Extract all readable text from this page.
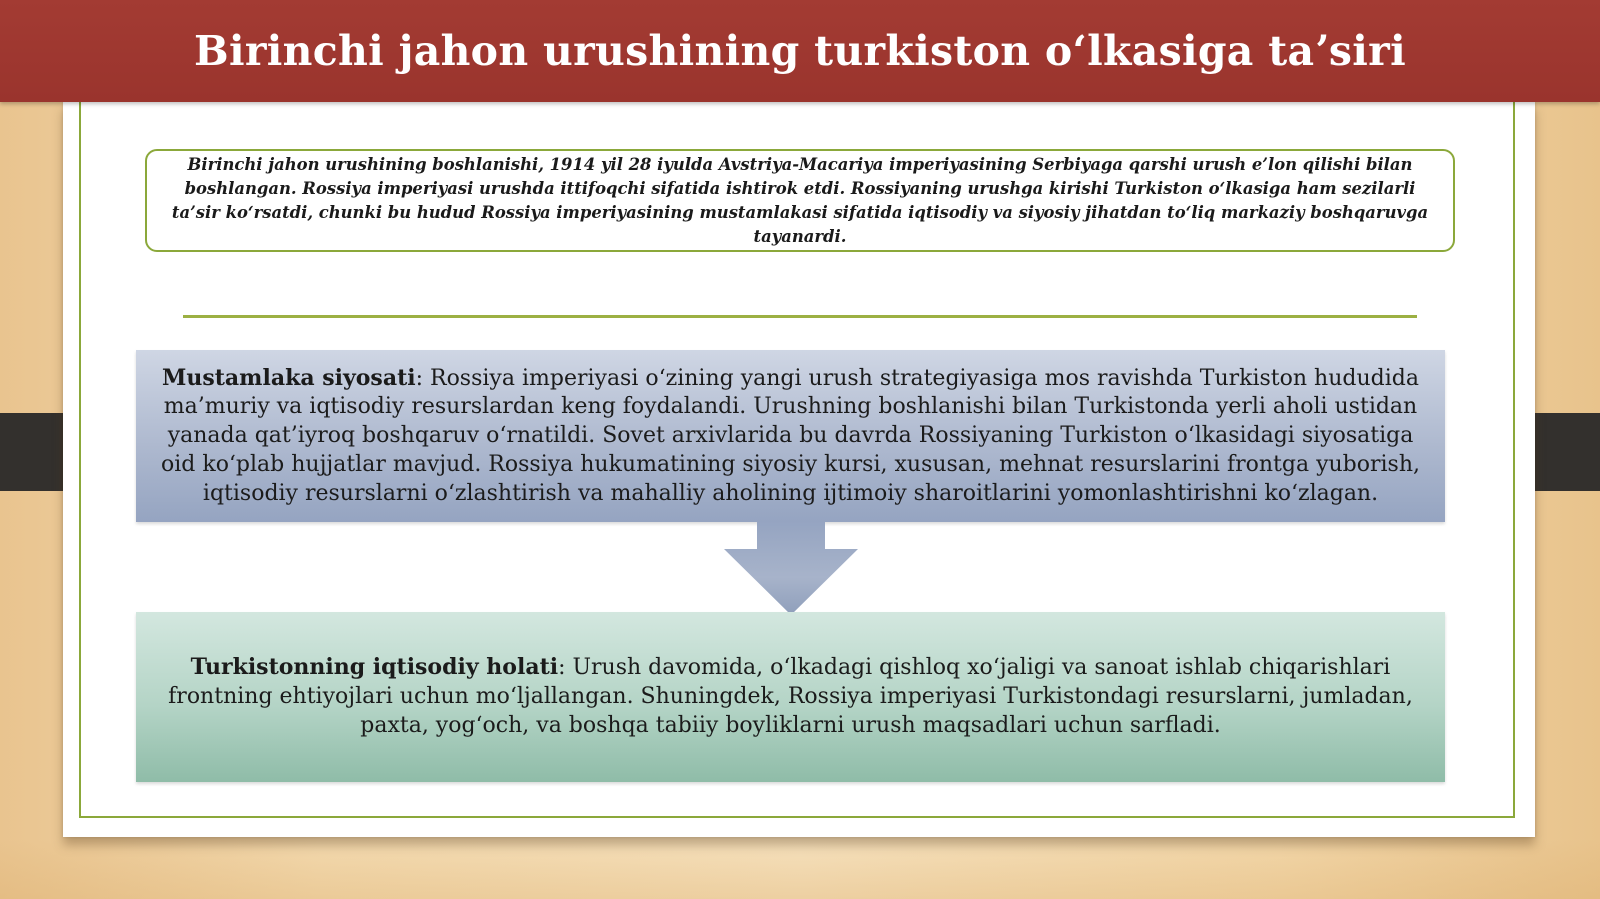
Birinchi jahon urushining turkiston oʻlkasiga taʼsiri

Birinchi jahon urushining boshlanishi, 1914 yil 28 iyulda Avstriya-Macariya imperiyasining Serbiyaga qarshi urush e’lon qilishi bilan boshlangan. Rossiya imperiyasi urushda ittifoqchi sifatida ishtirok etdi. Rossiyaning urushga kirishi Turkiston oʻlkasiga ham sezilarli ta’sir koʻrsatdi, chunki bu hudud Rossiya imperiyasining mustamlakasi sifatida iqtisodiy va siyosiy jihatdan toʻliq markaziy boshqaruvga tayanardi.

Mustamlaka siyosati: Rossiya imperiyasi oʻzining yangi urush strategiyasiga mos ravishda Turkiston hududida ma’muriy va iqtisodiy resurslardan keng foydalandi. Urushning boshlanishi bilan Turkistonda yerli aholi ustidan yanada qat’iyroq boshqaruv oʻrnatildi. Sovet arxivlarida bu davrda Rossiyaning Turkiston oʻlkasidagi siyosatiga oid koʻplab hujjatlar mavjud. Rossiya hukumatining siyosiy kursi, xususan, mehnat resurslarini frontga yuborish, iqtisodiy resurslarni oʻzlashtirish va mahalliy aholining ijtimoiy sharoitlarini yomonlashtirishni koʻzlagan.

Turkistonning iqtisodiy holati: Urush davomida, oʻlkadagi qishloq xoʻjaligi va sanoat ishlab chiqarishlari frontning ehtiyojlari uchun moʻljallangan. Shuningdek, Rossiya imperiyasi Turkistondagi resurslarni, jumladan, paxta, yogʻoch, va boshqa tabiiy boyliklarni urush maqsadlari uchun sarfladi.
